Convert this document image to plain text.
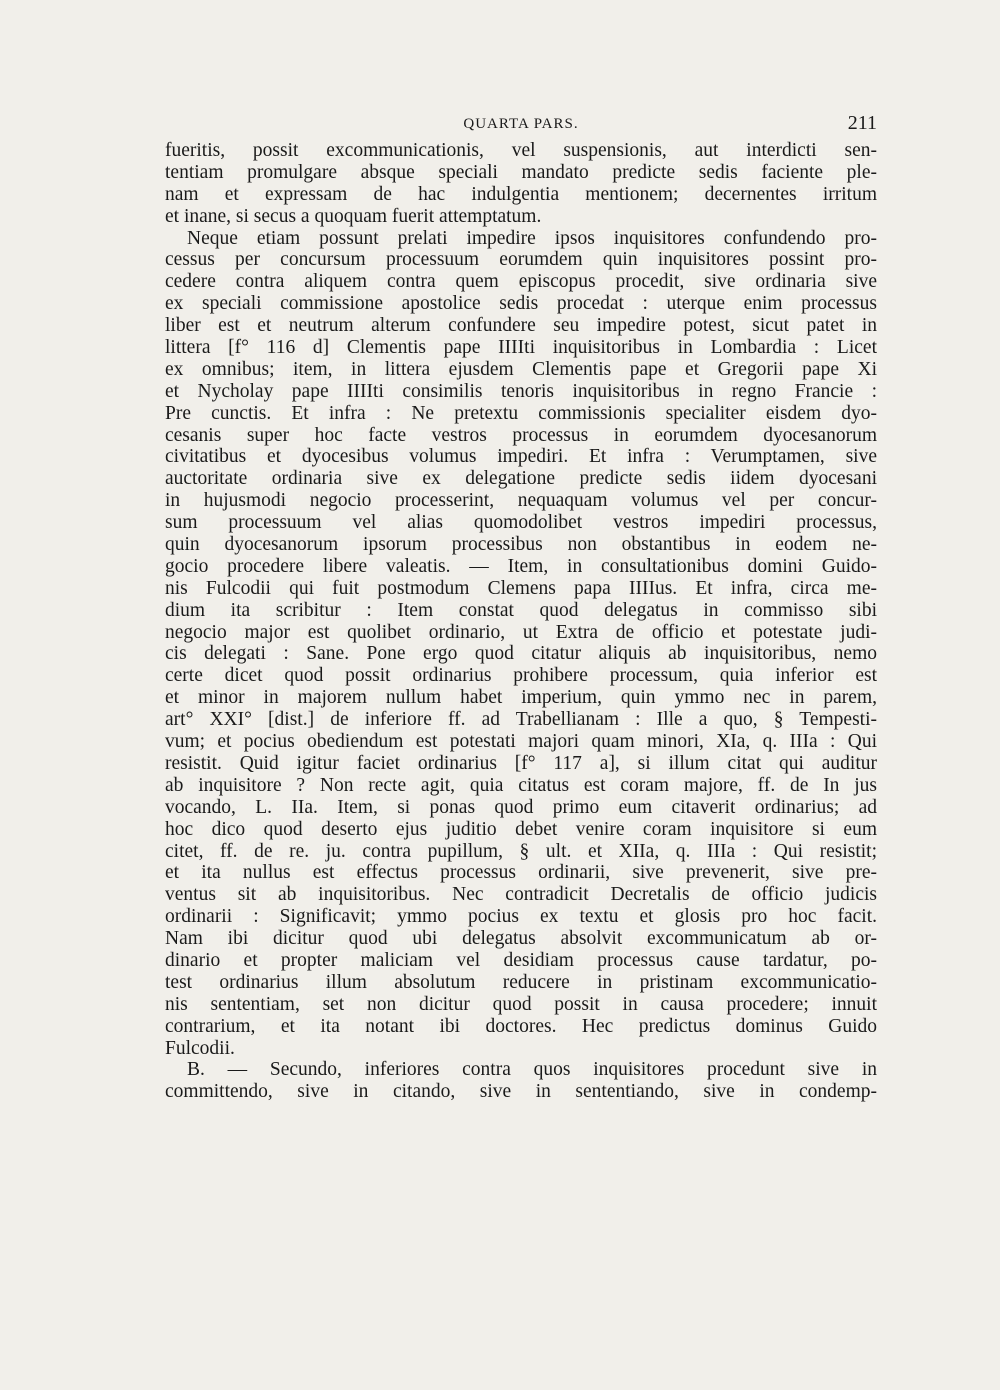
QUARTA PARS.	211
fueritis, possit excommunicationis, vel suspensionis, aut interdicti sen-
tentiam promulgare absque speciali mandato predicte sedis faciente ple-
nam et expressam de hac indulgentia mentionem; decernentes irritum
et inane, si secus a quoquam fuerit attemptatum.
Neque etiam possunt prelati impedire ipsos inquisitores confundendo pro-
cessus per concursum processuum eorumdem quin inquisitores possint pro-
cedere contra aliquem contra quem episcopus procedit, sive ordinaria sive
ex speciali commissione apostolice sedis procedat : uterque enim processus
liber est et neutrum alterum confundere seu impedire potest, sicut patet in
littera [f° 116 d] Clementis pape IIIIti inquisitoribus in Lombardia : Licet
ex omnibus; item, in littera ejusdem Clementis pape et Gregorii pape Xi
et Nycholay pape IIIIti consimilis tenoris inquisitoribus in regno Francie :
Pre cunctis. Et infra : Ne pretextu commissionis specialiter eisdem dyo-
cesanis super hoc facte vestros processus in eorumdem dyocesanorum
civitatibus et dyocesibus volumus impediri. Et infra : Verumptamen, sive
auctoritate ordinaria sive ex delegatione predicte sedis iidem dyocesani
in hujusmodi negocio processerint, nequaquam volumus vel per concur-
sum processuum vel alias quomodolibet vestros impediri processus,
quin dyocesanorum ipsorum processibus non obstantibus in eodem ne-
gocio procedere libere valeatis. — Item, in consultationibus domini Guido-
nis Fulcodii qui fuit postmodum Clemens papa IIIIus. Et infra, circa me-
dium ita scribitur : Item constat quod delegatus in commisso sibi
negocio major est quolibet ordinario, ut Extra de officio et potestate judi-
cis delegati : Sane. Pone ergo quod citatur aliquis ab inquisitoribus, nemo
certe dicet quod possit ordinarius prohibere processum, quia inferior est
et minor in majorem nullum habet imperium, quin ymmo nec in parem,
art° XXI° [dist.] de inferiore ff. ad Trabellianam : Ille a quo, § Tempesti-
vum; et pocius obediendum est potestati majori quam minori, XIa, q. IIIa : Qui
resistit. Quid igitur faciet ordinarius [f° 117 a], si illum citat qui auditur
ab inquisitore ? Non recte agit, quia citatus est coram majore, ff. de In jus
vocando, L. IIa. Item, si ponas quod primo eum citaverit ordinarius; ad
hoc dico quod deserto ejus juditio debet venire coram inquisitore si eum
citet, ff. de re. ju. contra pupillum, § ult. et XIIa, q. IIIa : Qui resistit;
et ita nullus est effectus processus ordinarii, sive prevenerit, sive pre-
ventus sit ab inquisitoribus. Nec contradicit Decretalis de officio judicis
ordinarii : Significavit; ymmo pocius ex textu et glosis pro hoc facit.
Nam ibi dicitur quod ubi delegatus absolvit excommunicatum ab or-
dinario et propter maliciam vel desidiam processus cause tardatur, po-
test ordinarius illum absolutum reducere in pristinam excommunicatio-
nis sententiam, set non dicitur quod possit in causa procedere; innuit
contrarium, et ita notant ibi doctores. Hec predictus dominus Guido
Fulcodii.
B. — Secundo, inferiores contra quos inquisitores procedunt sive in
committendo, sive in citando, sive in sententiando, sive in condemp-
